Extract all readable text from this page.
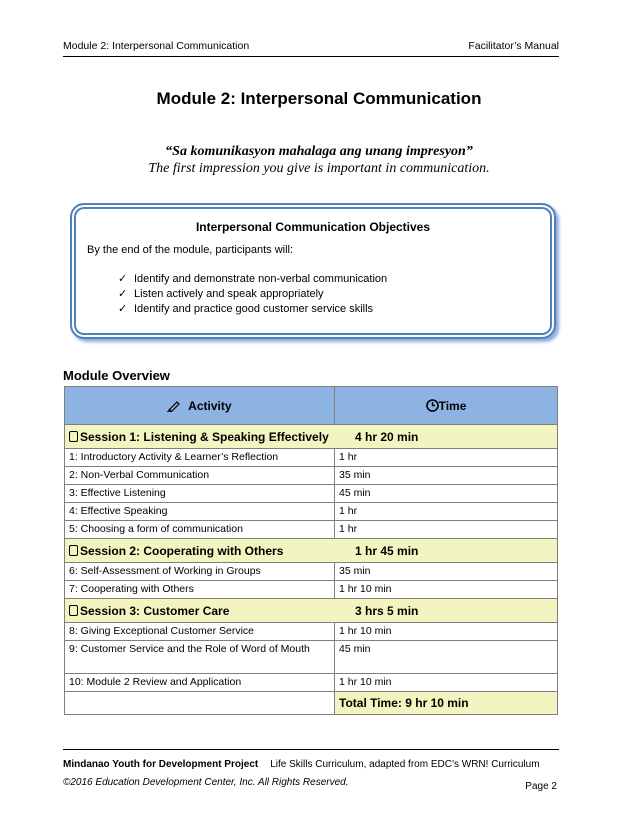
Module 2: Interpersonal Communication	Facilitator’s Manual
Module 2: Interpersonal Communication
“Sa komunikasyon mahalaga ang unang impresyon”
The first impression you give is important in communication.
Interpersonal Communication Objectives
By the end of the module, participants will:
✓ Identify and demonstrate non-verbal communication
✓ Listen actively and speak appropriately
✓ Identify and practice good customer service skills
Module Overview
Activity	Time

Session 1: Listening & Speaking Effectively 4 hr 20 min	

1: Introductory Activity & Learner’s Reflection	1 hr
2: Non-Verbal Communication	35 min
3: Effective Listening	45 min
4: Effective Speaking	1 hr
5: Choosing a form of communication	1 hr

Session 2: Cooperating with Others 1 hr 45 min	

6: Self-Assessment of Working in Groups	35 min
7: Cooperating with Others	1 hr 10 min

Session 3: Customer Care 3 hrs 5 min	

8: Giving Exceptional Customer Service	1 hr 10 min
9: Customer Service and the Role of Word of Mouth	45 min
10: Module 2 Review and Application	1 hr 10 min
	Total Time: 9 hr 10 min
Mindanao Youth for Development Project Life Skills Curriculum, adapted from EDC’s WRN! Curriculum
©2016 Education Development Center, Inc. All Rights Reserved.	Page 2
